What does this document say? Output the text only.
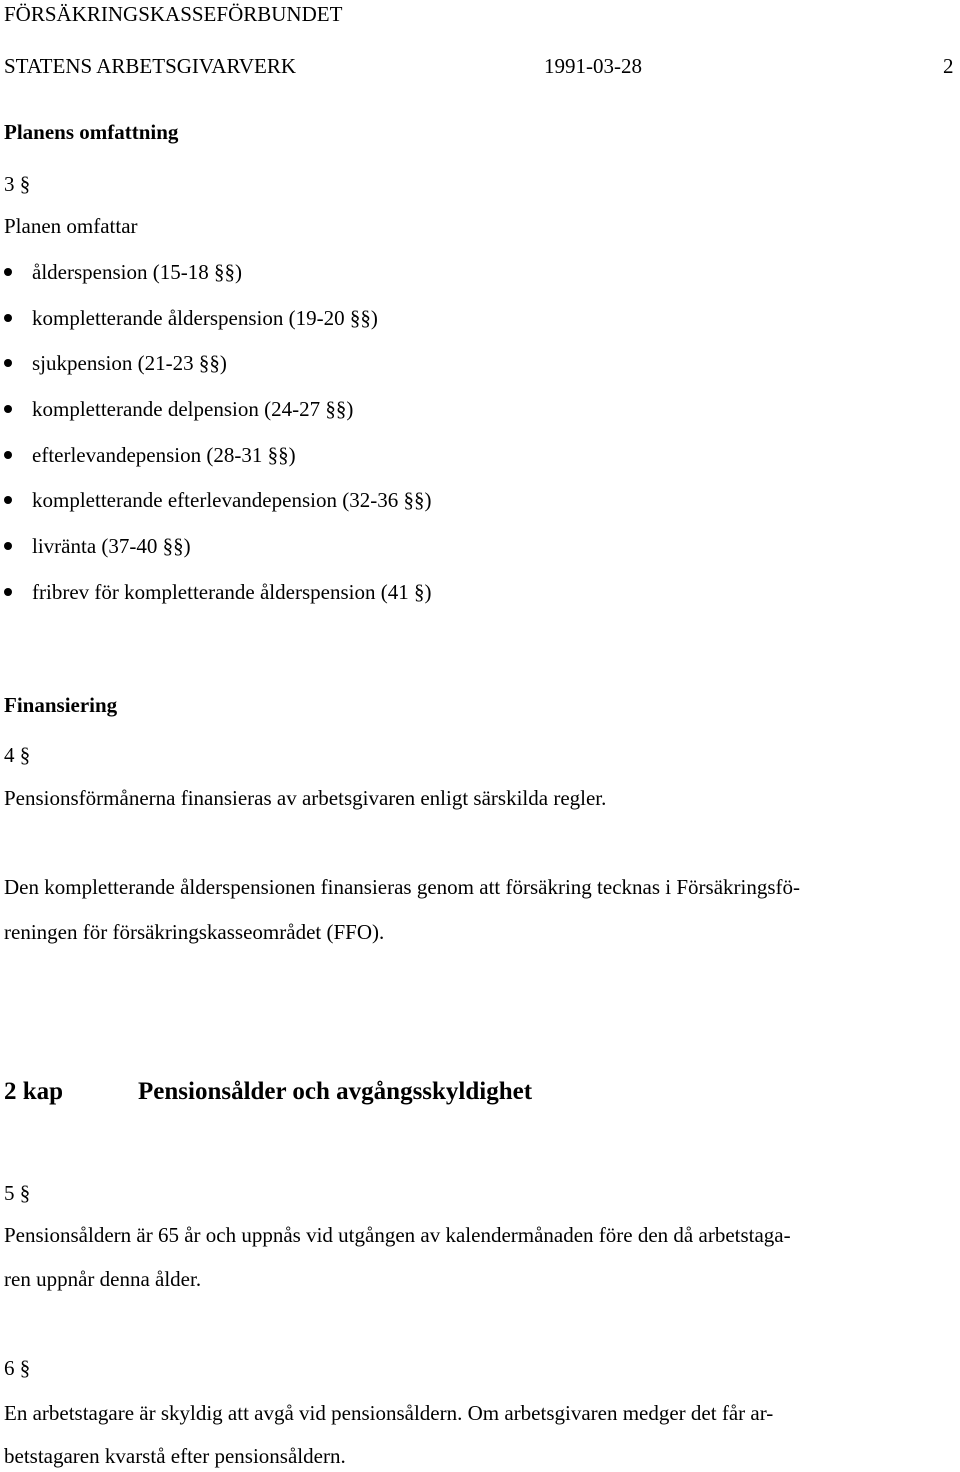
FÖRSÄKRINGSKASSEFÖRBUNDET
STATENS ARBETSGIVARVERK	1991-03-28	2
Planens omfattning
3 §
Planen omfattar
ålderspension (15-18 §§)
kompletterande ålderspension (19-20 §§)
sjukpension (21-23 §§)
kompletterande delpension (24-27 §§)
efterlevandepension (28-31 §§)
kompletterande efterlevandepension (32-36 §§)
livränta (37-40 §§)
fribrev för kompletterande ålderspension (41 §)
Finansiering
4 §
Pensionsförmånerna finansieras av arbetsgivaren enligt särskilda regler.
Den kompletterande ålderspensionen finansieras genom att försäkring tecknas i Försäkringsfö-
reningen för försäkringskasseområdet (FFO).
2 kap	Pensionsålder och avgångsskyldighet
5 §
Pensionsåldern är 65 år och uppnås vid utgången av kalendermånaden före den då arbetstaga-
ren uppnår denna ålder.
6 §
En arbetstagare är skyldig att avgå vid pensionsåldern. Om arbetsgivaren medger det får ar-
betstagaren kvarstå efter pensionsåldern.
